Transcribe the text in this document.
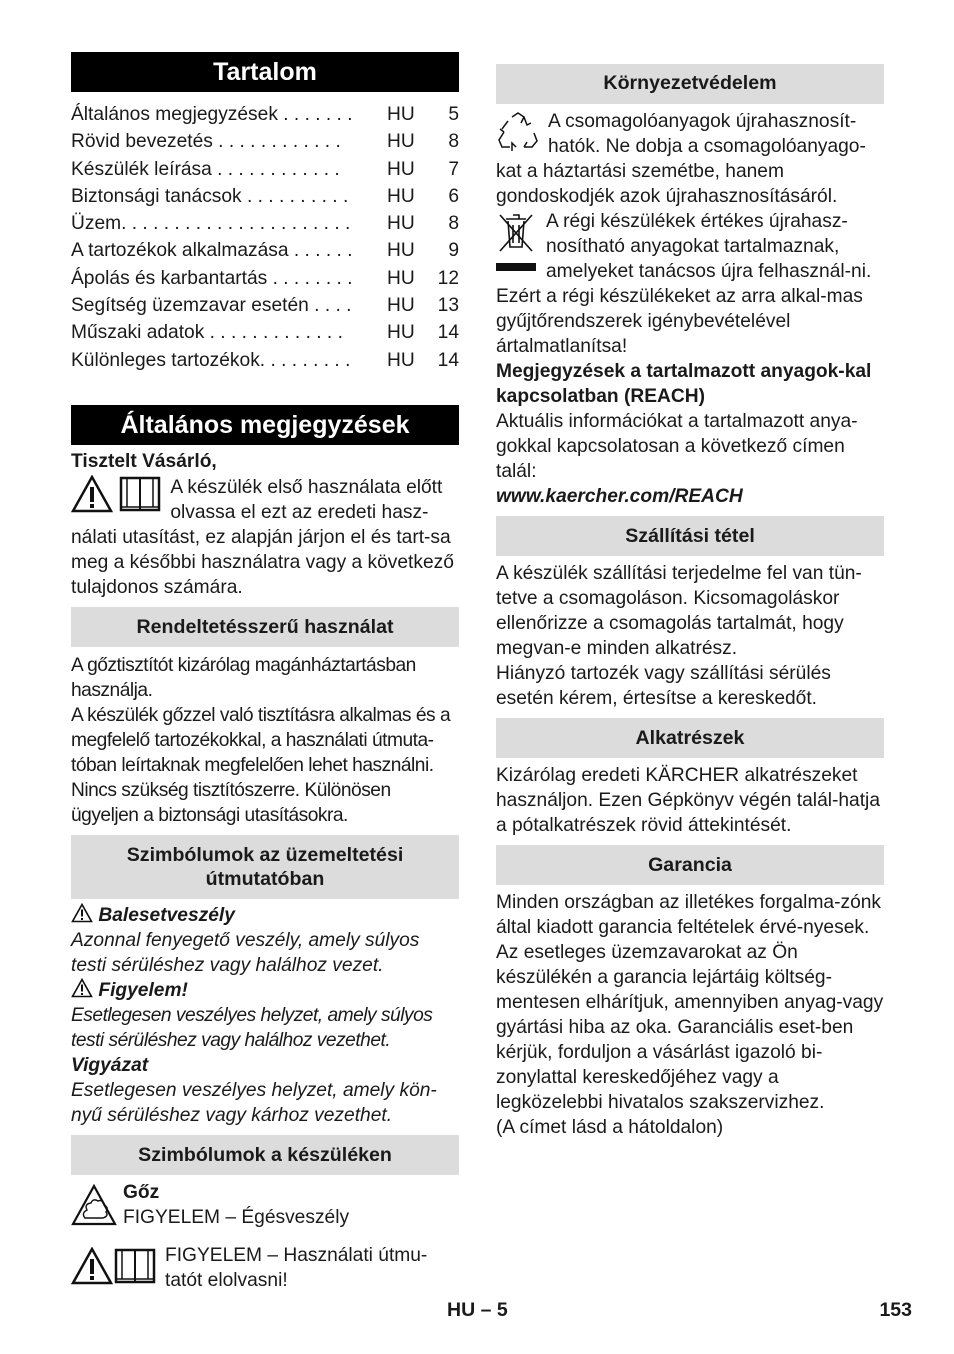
Tartalom
Általános megjegyzések . . . . . . .	HU	5
Rövid bevezetés . . . . . . . . . . . .	HU	8
Készülék leírása . . . . . . . . . . . .	HU	7
Biztonsági tanácsok . . . . . . . . . .	HU	6
Üzem. . . . . . . . . . . . . . . . . . . . . .	HU	8
A tartozékok alkalmazása . . . . . .	HU	9
Ápolás és karbantartás . . . . . . . .	HU	12
Segítség üzemzavar esetén . . . .	HU	13
Műszaki adatok . . . . . . . . . . . . .	HU	14
Különleges tartozékok. . . . . . . . .	HU	14
Általános megjegyzések

Tisztelt Vásárló,

A készülék első használata előtt olvassa el ezt az eredeti hasz- nálati utasítást, ez alapján járjon el és tart-sa meg a későbbi használatra vagy a következő tulajdonos számára.
Rendeltetésszerű használat

A gőztisztítót kizárólag magánháztartásban használja.

A készülék gőzzel való tisztításra alkalmas és a megfelelő tartozékokkal, a használati útmuta-tóban leírtaknak megfelelően lehet használni.

Nincs szükség tisztítószerre. Különösen ügyeljen a biztonsági utasításokra.

Szimbólumok az üzemeltetési útmutatóban

Balesetveszély

Azonnal fenyegető veszély, amely súlyos testi sérüléshez vagy halálhoz vezet.

Figyelem!

Esetlegesen veszélyes helyzet, amely súlyos testi sérüléshez vagy halálhoz vezethet.

Vigyázat

Esetlegesen veszélyes helyzet, amely kön-nyű sérüléshez vagy kárhoz vezethet.

Szimbólumok a készüléken

Gőz

FIGYELEM – Égésveszély

FIGYELEM – Használati útmu-tatót elolvasni!

Környezetvédelem

A csomagolóanyagok újrahasznosít-hatók. Ne dobja a csomagolóanyago-kat a háztartási szemétbe, hanem gondoskodjék azok újrahasznosításáról.

A régi készülékek értékes újrahasz-nosítható anyagokat tartalmaznak, amelyeket tanácsos újra felhasznál-ni. Ezért a régi készülékeket az arra alkal-mas gyűjtőrendszerek igénybevételével ártalmatlanítsa!

Megjegyzések a tartalmazott anyagok-kal kapcsolatban (REACH)

Aktuális információkat a tartalmazott anya-gokkal kapcsolatosan a következő címen talál:

www.kaercher.com/REACH

Szállítási tétel

A készülék szállítási terjedelme fel van tün-tetve a csomagoláson. Kicsomagoláskor ellenőrizze a csomagolás tartalmát, hogy megvan-e minden alkatrész.

Hiányzó tartozék vagy szállítási sérülés esetén kérem, értesítse a kereskedőt.

Alkatrészek

Kizárólag eredeti KÄRCHER alkatrészeket használjon. Ezen Gépkönyv végén talál-hatja a pótalkatrészek rövid áttekintését.

Garancia

Minden országban az illetékes forgalma-zónk által kiadott garancia feltételek érvé-nyesek. Az esetleges üzemzavarokat az Ön készülékén a garancia lejártáig költség-mentesen elhárítjuk, amennyiben anyag-vagy gyártási hiba az oka. Garanciális eset-ben kérjük, forduljon a vásárlást igazoló bi-zonylattal kereskedőjéhez vagy a legközelebbi hivatalos szakszervizhez.

(A címet lásd a hátoldalon)

HU – 5	153
